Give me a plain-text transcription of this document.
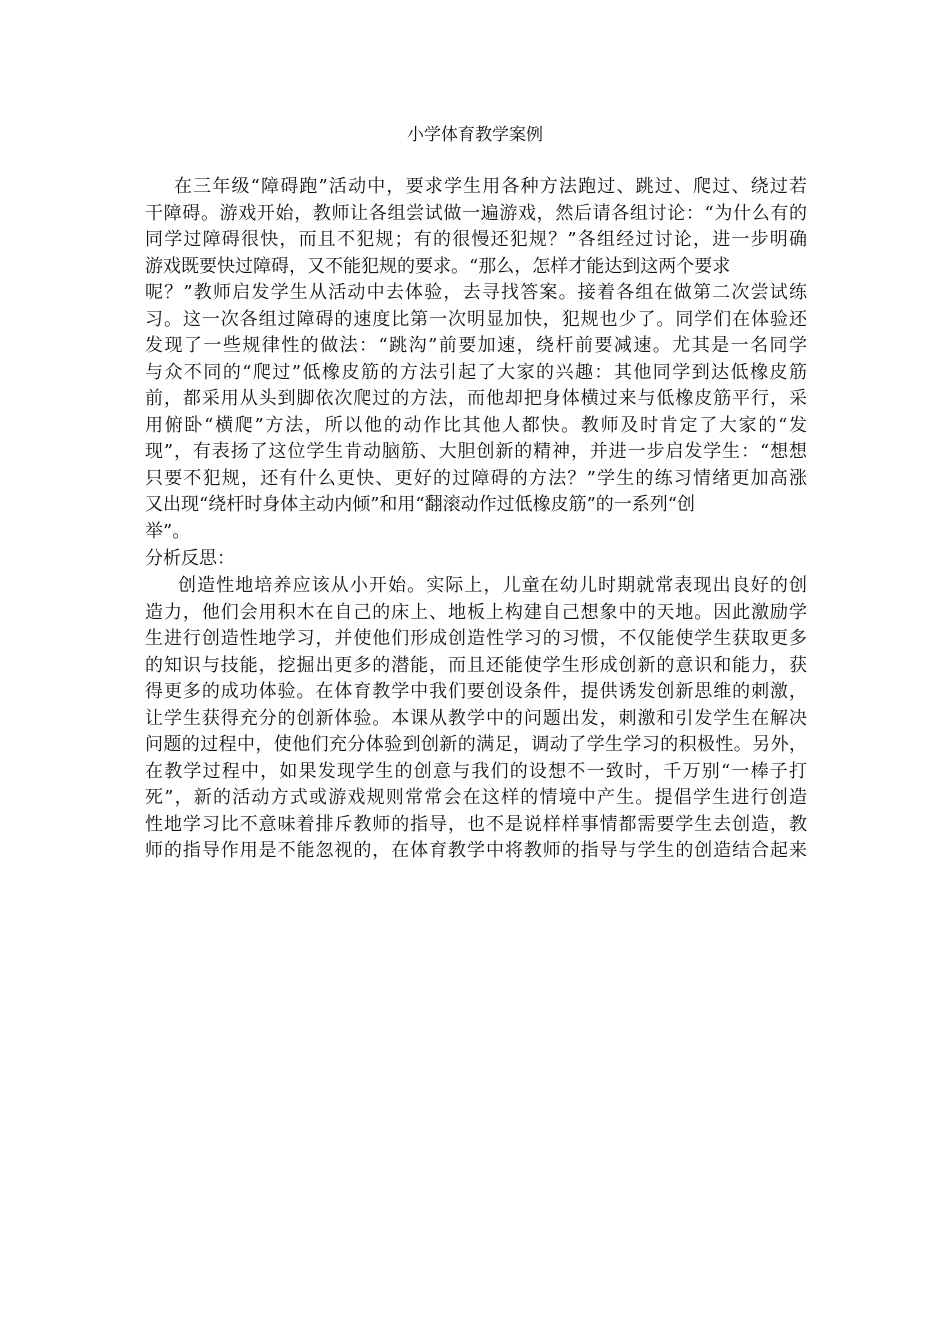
小学体育教学案例
在三年级“障碍跑”活动中，要求学生用各种方法跑过、跳过、爬过、绕过若
干障碍。游戏开始，教师让各组尝试做一遍游戏，然后请各组讨论：“为什么有的
同学过障碍很快，而且不犯规；有的很慢还犯规？”各组经过讨论，进一步明确
游戏既要快过障碍，又不能犯规的要求。“那么，怎样才能达到这两个要求
呢？”教师启发学生从活动中去体验，去寻找答案。接着各组在做第二次尝试练
习。这一次各组过障碍的速度比第一次明显加快，犯规也少了。同学们在体验还
发现了一些规律性的做法：“跳沟”前要加速，绕杆前要减速。尤其是一名同学
与众不同的“爬过”低橡皮筋的方法引起了大家的兴趣：其他同学到达低橡皮筋
前，都采用从头到脚依次爬过的方法，而他却把身体横过来与低橡皮筋平行，采
用俯卧“横爬”方法，所以他的动作比其他人都快。教师及时肯定了大家的“发
现”，有表扬了这位学生肯动脑筋、大胆创新的精神，并进一步启发学生：“想想
只要不犯规，还有什么更快、更好的过障碍的方法？”学生的练习情绪更加高涨
又出现“绕杆时身体主动内倾”和用“翻滚动作过低橡皮筋”的一系列“创
举”。

分析反思：

创造性地培养应该从小开始。实际上，儿童在幼儿时期就常表现出良好的创
造力，他们会用积木在自己的床上、地板上构建自己想象中的天地。因此激励学
生进行创造性地学习，并使他们形成创造性学习的习惯，不仅能使学生获取更多
的知识与技能，挖掘出更多的潜能，而且还能使学生形成创新的意识和能力，获
得更多的成功体验。在体育教学中我们要创设条件，提供诱发创新思维的刺激，
让学生获得充分的创新体验。本课从教学中的问题出发，刺激和引发学生在解决
问题的过程中，使他们充分体验到创新的满足，调动了学生学习的积极性。另外，
在教学过程中，如果发现学生的创意与我们的设想不一致时，千万别“一棒子打
死”，新的活动方式或游戏规则常常会在这样的情境中产生。提倡学生进行创造
性地学习比不意味着排斥教师的指导，也不是说样样事情都需要学生去创造，教
师的指导作用是不能忽视的，在体育教学中将教师的指导与学生的创造结合起来
